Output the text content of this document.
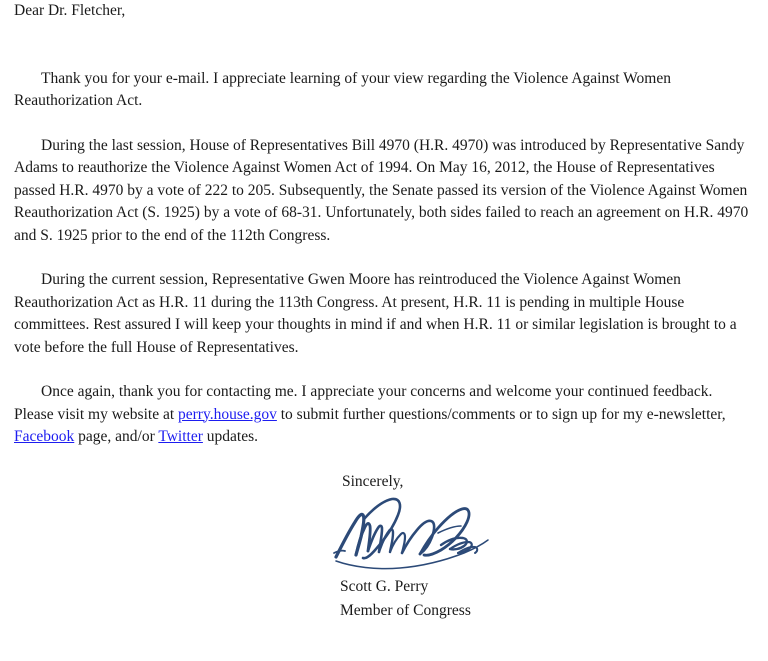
Dear Dr. Fletcher,

Thank you for your e-mail. I appreciate learning of your view regarding the Violence Against Women Reauthorization Act.

During the last session, House of Representatives Bill 4970 (H.R. 4970) was introduced by Representative Sandy Adams to reauthorize the Violence Against Women Act of 1994. On May 16, 2012, the House of Representatives passed H.R. 4970 by a vote of 222 to 205. Subsequently, the Senate passed its version of the Violence Against Women Reauthorization Act (S. 1925) by a vote of 68-31. Unfortunately, both sides failed to reach an agreement on H.R. 4970 and S. 1925 prior to the end of the 112th Congress.

During the current session, Representative Gwen Moore has reintroduced the Violence Against Women Reauthorization Act as H.R. 11 during the 113th Congress. At present, H.R. 11 is pending in multiple House committees. Rest assured I will keep your thoughts in mind if and when H.R. 11 or similar legislation is brought to a vote before the full House of Representatives.

Once again, thank you for contacting me. I appreciate your concerns and welcome your continued feedback. Please visit my website at perry.house.gov to submit further questions/comments or to sign up for my e-newsletter, Facebook page, and/or Twitter updates.

Sincerely,

Scott G. Perry

Member of Congress
